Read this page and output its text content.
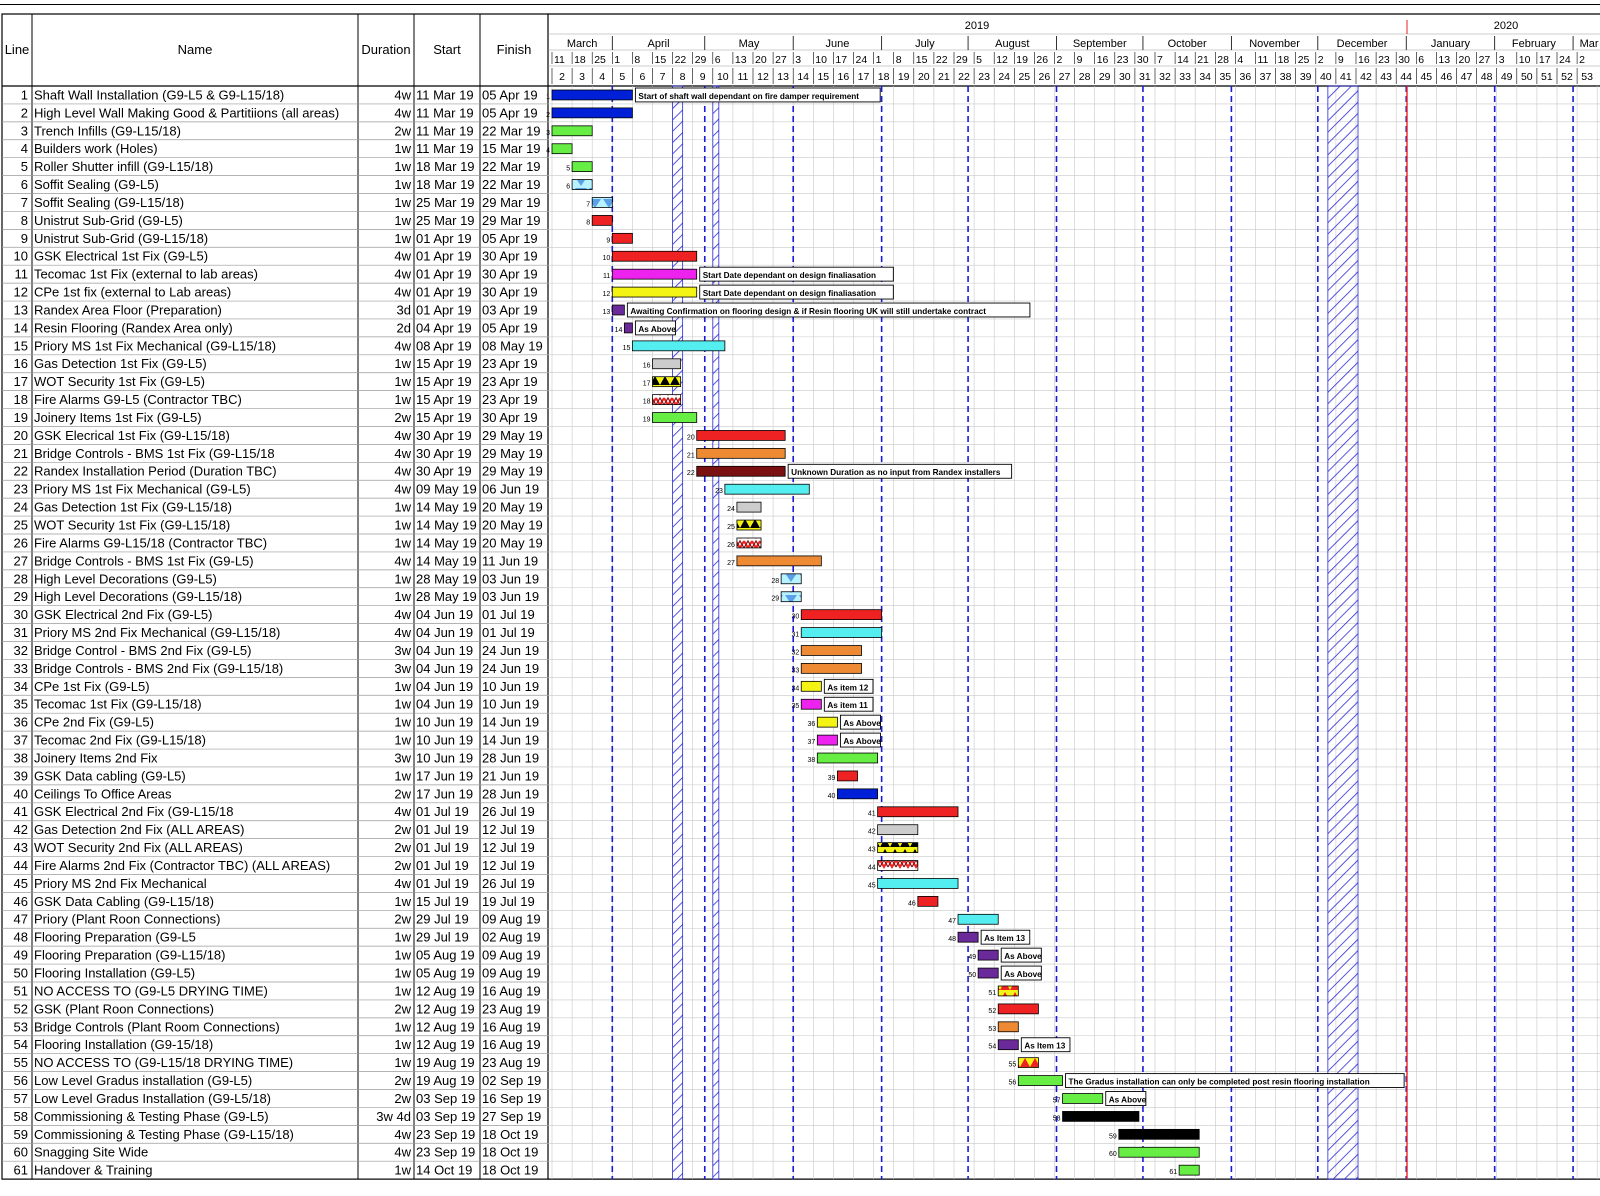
Line	Name	Duration Start	Finish
1 Shaft Wall Installation (G9-L5 & G9-L15/18)	4w 11 Mar 19 05 Apr 19
2 High Level Wall Making Good & Partitiions (all areas)	4w 11 Mar 19 05 Apr 19
3 Trench Infills (G9-L15/18)	2w 11 Mar 19 22 Mar 19
4 Builders work (Holes)	1w 11 Mar 19 15 Mar 19
5 Roller Shutter infill (G9-L15/18)	1w 18 Mar 19 22 Mar 19
6 Soffit Sealing (G9-L5)	1w 18 Mar 19 22 Mar 19
7 Soffit Sealing (G9-L15/18)	1w 25 Mar 19 29 Mar 19
8 Unistrut Sub-Grid (G9-L5)	1w 25 Mar 19 29 Mar 19
9 Unistrut Sub-Grid (G9-L15/18)	1w 01 Apr 19 05 Apr 19
10 GSK Electrical 1st Fix (G9-L5)	4w 01 Apr 19 30 Apr 19
11 Tecomac 1st Fix (external to lab areas)	4w 01 Apr 19 30 Apr 19
12 CPe 1st fix (external to Lab areas)	4w 01 Apr 19 30 Apr 19
13 Randex Area Floor (Preparation)	3d 01 Apr 19 03 Apr 19
14 Resin Flooring (Randex Area only)	2d 04 Apr 19 05 Apr 19
15 Priory MS 1st Fix Mechanical (G9-L15/18)	4w 08 Apr 19 08 May 19
16 Gas Detection 1st Fix (G9-L5)	1w 15 Apr 19 23 Apr 19
17 WOT Security 1st Fix (G9-L5)	1w 15 Apr 19 23 Apr 19
18 Fire Alarms G9-L5 (Contractor TBC)	1w 15 Apr 19 23 Apr 19
19 Joinery Items 1st Fix (G9-L5)	2w 15 Apr 19 30 Apr 19
20 GSK Elecrical 1st Fix (G9-L15/18)	4w 30 Apr 19 29 May 19
21 Bridge Controls - BMS 1st Fix (G9-L15/18	4w 30 Apr 19 29 May 19
22 Randex Installation Period (Duration TBC)	4w 30 Apr 19 29 May 19
23 Priory MS 1st Fix Mechanical (G9-L5)	4w 09 May 19 06 Jun 19
24 Gas Detection 1st Fix (G9-L15/18)	1w 14 May 19 20 May 19
25 WOT Security 1st Fix (G9-L15/18)	1w 14 May 19 20 May 19
26 Fire Alarms G9-L15/18 (Contractor TBC)	1w 14 May 19 20 May 19
27 Bridge Controls - BMS 1st Fix (G9-L5)	4w 14 May 19 11 Jun 19
28 High Level Decorations (G9-L5)	1w 28 May 19 03 Jun 19
29 High Level Decorations (G9-L15/18)	1w 28 May 19 03 Jun 19
30 GSK Electrical 2nd Fix (G9-L5)	4w 04 Jun 19 01 Jul 19
31 Priory MS 2nd Fix Mechanical (G9-L15/18)	4w 04 Jun 19 01 Jul 19
32 Bridge Control - BMS 2nd Fix (G9-L5)	3w 04 Jun 19 24 Jun 19
33 Bridge Controls - BMS 2nd Fix (G9-L15/18)	3w 04 Jun 19 24 Jun 19
34 CPe 1st Fix (G9-L5)	1w 04 Jun 19 10 Jun 19
35 Tecomac 1st Fix (G9-L15/18)	1w 04 Jun 19 10 Jun 19
36 CPe 2nd Fix (G9-L5)	1w 10 Jun 19 14 Jun 19
37 Tecomac 2nd Fix (G9-L15/18)	1w 10 Jun 19 14 Jun 19
38 Joinery Items 2nd Fix	3w 10 Jun 19 28 Jun 19
39 GSK Data cabling (G9-L5)	1w 17 Jun 19 21 Jun 19
40 Ceilings To Office Areas	2w 17 Jun 19 28 Jun 19
41 GSK Electrical 2nd Fix (G9-L15/18	4w 01 Jul 19 26 Jul 19
42 Gas Detection 2nd Fix (ALL AREAS)	2w 01 Jul 19 12 Jul 19
43 WOT Security 2nd Fix (ALL AREAS)	2w 01 Jul 19 12 Jul 19
44 Fire Alarms 2nd Fix (Contractor TBC) (ALL AREAS)	2w 01 Jul 19 12 Jul 19
45 Priory MS 2nd Fix Mechanical	4w 01 Jul 19 26 Jul 19
46 GSK Data Cabling (G9-L15/18)	1w 15 Jul 19 19 Jul 19
47 Priory (Plant Roon Connections)	2w 29 Jul 19 09 Aug 19
48 Flooring Preparation (G9-L5	1w 29 Jul 19 02 Aug 19
49 Flooring Preparation (G9-L15/18)	1w 05 Aug 19 09 Aug 19
50 Flooring Installation (G9-L5)	1w 05 Aug 19 09 Aug 19
51 NO ACCESS TO (G9-L5 DRYING TIME)	1w 12 Aug 19 16 Aug 19
52 GSK (Plant Roon Connections)	2w 12 Aug 19 23 Aug 19
53 Bridge Controls (Plant Room Connections)	1w 12 Aug 19 16 Aug 19
54 Flooring Installation (G9-15/18)	1w 12 Aug 19 16 Aug 19
55 NO ACCESS TO (G9-L15/18 DRYING TIME)	1w 19 Aug 19 23 Aug 19
56 Low Level Gradus installation (G9-L5)	2w 19 Aug 19 02 Sep 19
57 Low Level Gradus Installation (G9-L5/18)	2w 03 Sep 19 16 Sep 19
58 Commissioning & Testing Phase (G9-L5)	3w 4d 03 Sep 19 27 Sep 19
59 Commissioning & Testing Phase (G9-L15/18)	4w 23 Sep 19 18 Oct 19
60 Snagging Site Wide	4w 23 Sep 19 18 Oct 19
61 Handover & Training	1w 14 Oct 19 18 Oct 19
2019	2020
March	April	May	June	July	August	September	October	November	December	January	February Mar
11 18 25 1 8 15 22 29 6 13 20 27 3 10 17 24 1 8 15 22 29 5 12 19 26 2 9 16 23 30 7 14 21 28 4 11 18 25 2 9 16 23 30 6 13 20 27 3 10 17 24 2
2 3 4 5 6 7 8 9 10 11 12 13 14 15 16 17 18 19 20 21 22 23 24 25 26 27 28 29 30 31 32 33 34 35 36 37 38 39 40 41 42 43 44 45 46 47 48 49 50 51 52 53
1	Start of shaft wall dependant on fire damper requirement
2
3
4
5
6
7
8
9
10
11	Start Date dependant on design finaliasation
12	Start Date dependant on design finaliasation
13 Awaiting Confirmation on flooring design & if Resin flooring UK will still undertake contract
14 As Above
15
16
17
18
19
20
21
22	Unknown Duration as no input from Randex installers
23
24
25
26
27
28
29
30
31
32
33
34	As item 12
35	As item 11
36	As Above
37	As Above
38
39
40
41
42
43
44
45
46
47
48	As Item 13
49	As Above
50	As Above
51
52
53
54	As Item 13
55
56	The Gradus installation can only be completed post resin flooring installation
57	As Above
58
59
60
61
